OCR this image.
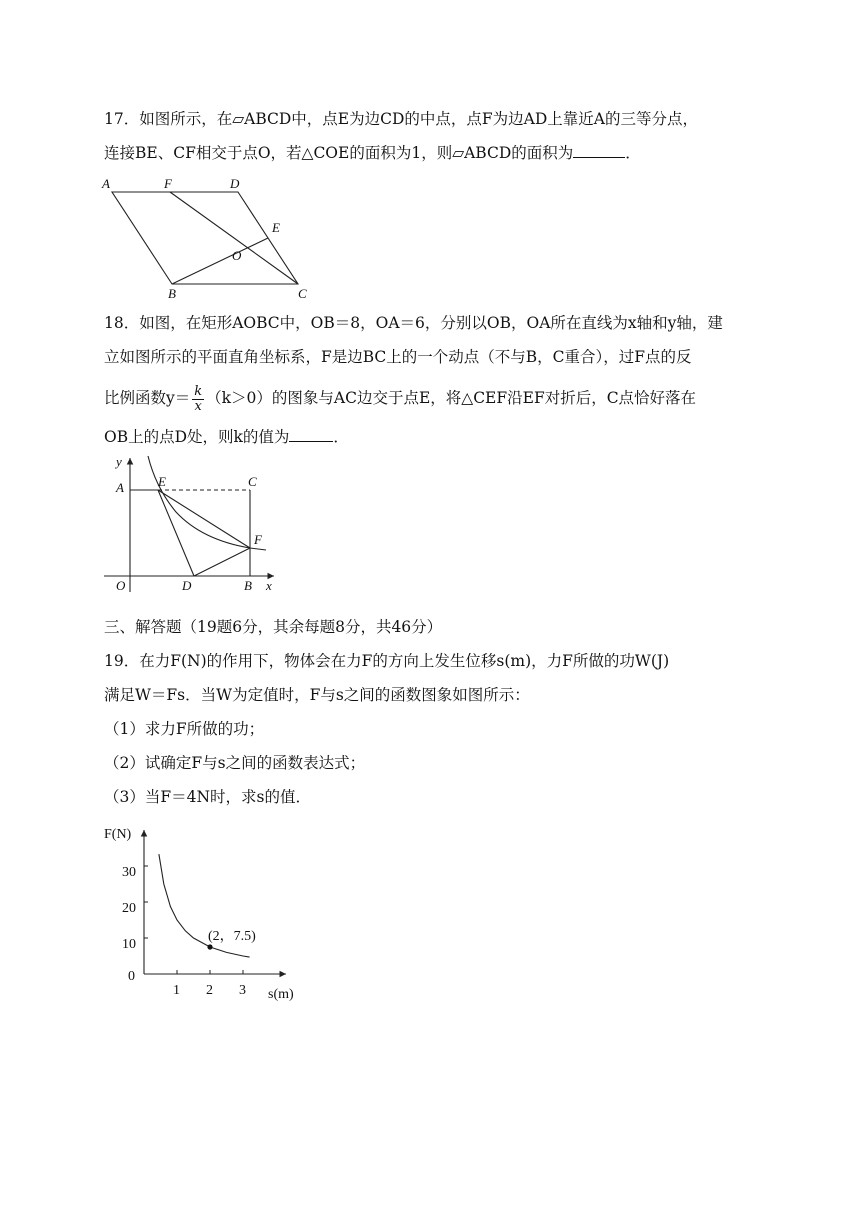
17．如图所示，在▱ABCD中，点E为边CD的中点，点F为边AD上靠近A的三等分点，
连接BE、CF相交于点O，若△COE的面积为1，则▱ABCD的面积为	．
A	F	D
E
O
B	C
18．如图，在矩形AOBC中，OB＝8，OA＝6，分别以OB，OA所在直线为x轴和y轴，建
立如图所示的平面直角坐标系，F是边BC上的一个动点（不与B，C重合），过F点的反
比例函数$y= \frac{k}{x} (k>0)$的图象与AC边交于点E，将△CEF沿EF对折后，C点恰好落在
OB上的点D处，则k的值为	．
y
A	E	C
F
O	D	B x
三、解答题（19题6分，其余每题8分，共46分）
19．在力F(N)的作用下，物体会在力F的方向上发生位移s(m)，力F所做的功W(J)
满足W＝Fs．当W为定值时，F与s之间的函数图象如图所示：
（1）求力F所做的功；
（2）试确定F与s之间的函数表达式；
（3）当F＝4N时，求s的值．
F(N)
s(m)
30
20
10
0
1 2 3
(2，7.5)
